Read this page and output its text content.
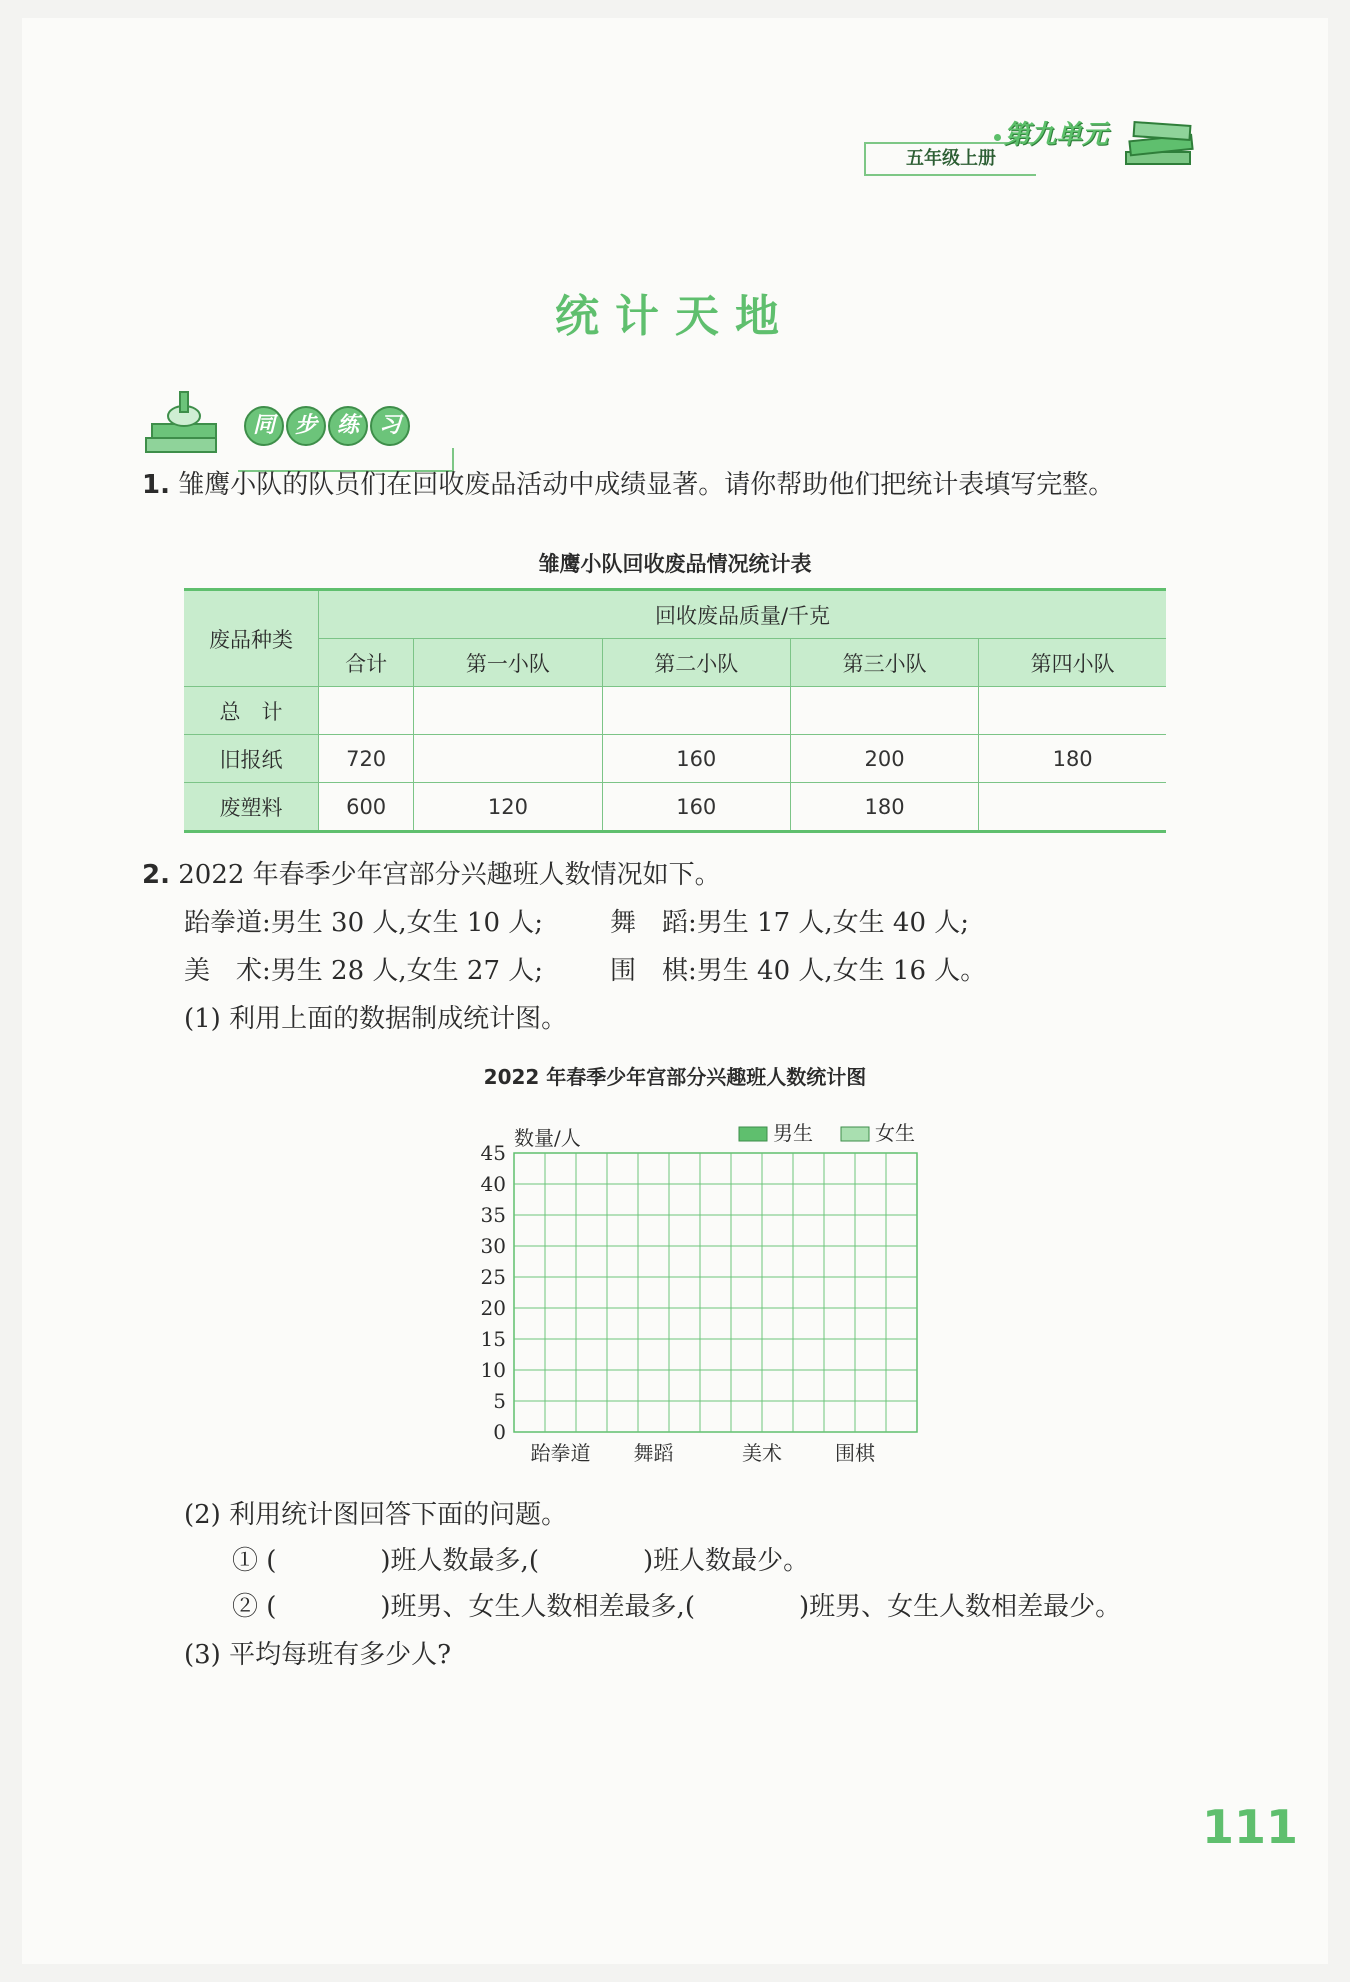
五年级上册
第九单元
统计天地
同 步 练 习
1. 雏鹰小队的队员们在回收废品活动中成绩显著。请你帮助他们把统计表填写完整。
雏鹰小队回收废品情况统计表
废品种类	回收废品质量/千克				
	合计	第一小队	第二小队	第三小队	第四小队
总　计					
旧报纸	720		160	200	180
废塑料	600	120	160	180	
2. 2022 年春季少年宫部分兴趣班人数情况如下。
跆拳道:男生 30 人,女生 10 人;	舞　蹈:男生 17 人,女生 40 人;
美　术:男生 28 人,女生 27 人;	围　棋:男生 40 人,女生 16 人。
(1) 利用上面的数据制成统计图。
2022 年春季少年宫部分兴趣班人数统计图
数量/人
45
40
35
30
25
20
15
10
5
0
跆拳道 舞蹈	美术	围棋
男生	女生
(2) 利用统计图回答下面的问题。
① (　　　　)班人数最多,(　　　　)班人数最少。
② (　　　　)班男、女生人数相差最多,(　　　　)班男、女生人数相差最少。
(3) 平均每班有多少人?
111
